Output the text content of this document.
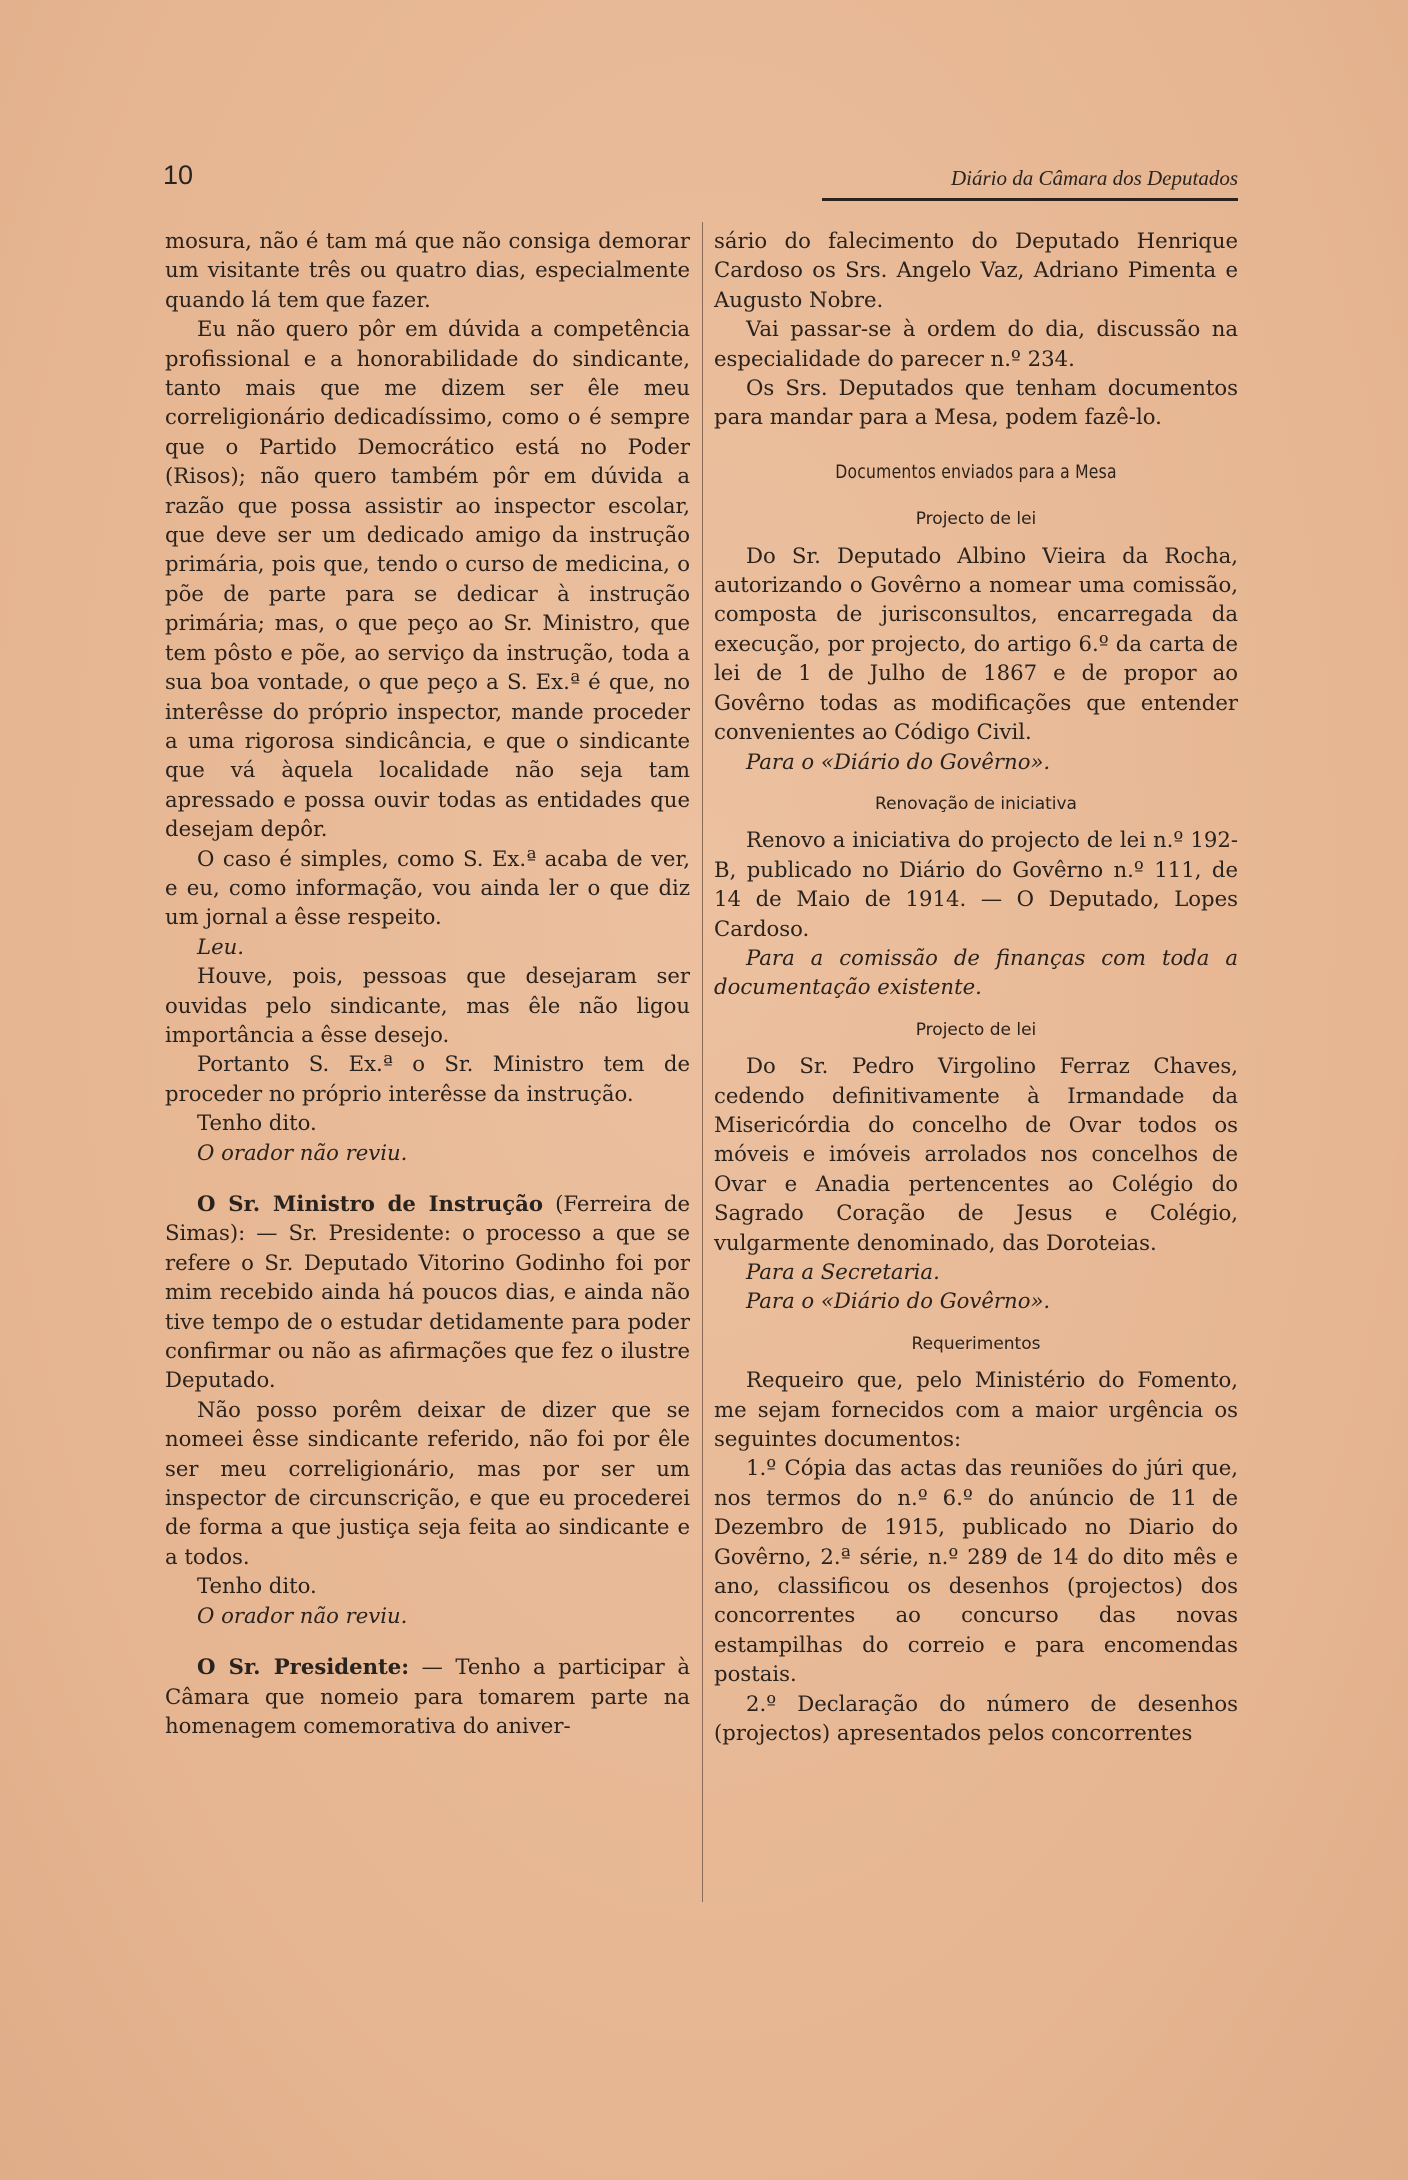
10	Diário da Câmara dos Deputados

mosura, não é tam má que não consiga demorar um visitante três ou quatro dias, especialmente quando lá tem que fazer.

Eu não quero pôr em dúvida a competência profissional e a honorabilidade do sindicante, tanto mais que me dizem ser êle meu correligionário dedicadíssimo, como o é sempre que o Partido Democrático está no Poder (Risos); não quero também pôr em dúvida a razão que possa assistir ao inspector escolar, que deve ser um dedicado amigo da instrução primária, pois que, tendo o curso de medicina, o põe de parte para se dedicar à instrução primária; mas, o que peço ao Sr. Ministro, que tem pôsto e põe, ao serviço da instrução, toda a sua boa vontade, o que peço a S. Ex.ª é que, no interêsse do próprio inspector, mande proceder a uma rigorosa sindicância, e que o sindicante que vá àquela localidade não seja tam apressado e possa ouvir todas as entidades que desejam depôr.

O caso é simples, como S. Ex.ª acaba de ver, e eu, como informação, vou ainda ler o que diz um jornal a êsse respeito.

Leu.

Houve, pois, pessoas que desejaram ser ouvidas pelo sindicante, mas êle não ligou importância a êsse desejo.

Portanto S. Ex.ª o Sr. Ministro tem de proceder no próprio interêsse da instrução.

Tenho dito.

O orador não reviu.

O Sr. Ministro de Instrução (Ferreira de Simas): — Sr. Presidente: o processo a que se refere o Sr. Deputado Vitorino Godinho foi por mim recebido ainda há poucos dias, e ainda não tive tempo de o estudar detidamente para poder confirmar ou não as afirmações que fez o ilustre Deputado.

Não posso porêm deixar de dizer que se nomeei êsse sindicante referido, não foi por êle ser meu correligionário, mas por ser um inspector de circunscrição, e que eu procederei de forma a que justiça seja feita ao sindicante e a todos.

Tenho dito.

O orador não reviu.

O Sr. Presidente: — Tenho a participar à Câmara que nomeio para tomarem parte na homenagem comemorativa do aniver-

sário do falecimento do Deputado Henrique Cardoso os Srs. Angelo Vaz, Adriano Pimenta e Augusto Nobre.

Vai passar-se à ordem do dia, discussão na especialidade do parecer n.º 234.

Os Srs. Deputados que tenham documentos para mandar para a Mesa, podem fazê-lo.

Documentos enviados para a Mesa
Projecto de lei

Do Sr. Deputado Albino Vieira da Rocha, autorizando o Govêrno a nomear uma comissão, composta de jurisconsultos, encarregada da execução, por projecto, do artigo 6.º da carta de lei de 1 de Julho de 1867 e de propor ao Govêrno todas as modificações que entender convenientes ao Código Civil.

Para o «Diário do Govêrno».

Renovação de iniciativa

Renovo a iniciativa do projecto de lei n.º 192-B, publicado no Diário do Govêrno n.º 111, de 14 de Maio de 1914. — O Deputado, Lopes Cardoso.

Para a comissão de finanças com toda a documentação existente.

Projecto de lei

Do Sr. Pedro Virgolino Ferraz Chaves, cedendo definitivamente à Irmandade da Misericórdia do concelho de Ovar todos os móveis e imóveis arrolados nos concelhos de Ovar e Anadia pertencentes ao Colégio do Sagrado Coração de Jesus e Colégio, vulgarmente denominado, das Doroteias.

Para a Secretaria.

Para o «Diário do Govêrno».

Requerimentos

Requeiro que, pelo Ministério do Fomento, me sejam fornecidos com a maior urgência os seguintes documentos:

1.º Cópia das actas das reuniões do júri que, nos termos do n.º 6.º do anúncio de 11 de Dezembro de 1915, publicado no Diario do Govêrno, 2.ª série, n.º 289 de 14 do dito mês e ano, classificou os desenhos (projectos) dos concorrentes ao concurso das novas estampilhas do correio e para encomendas postais.

2.º Declaração do número de desenhos (projectos) apresentados pelos concorrentes
